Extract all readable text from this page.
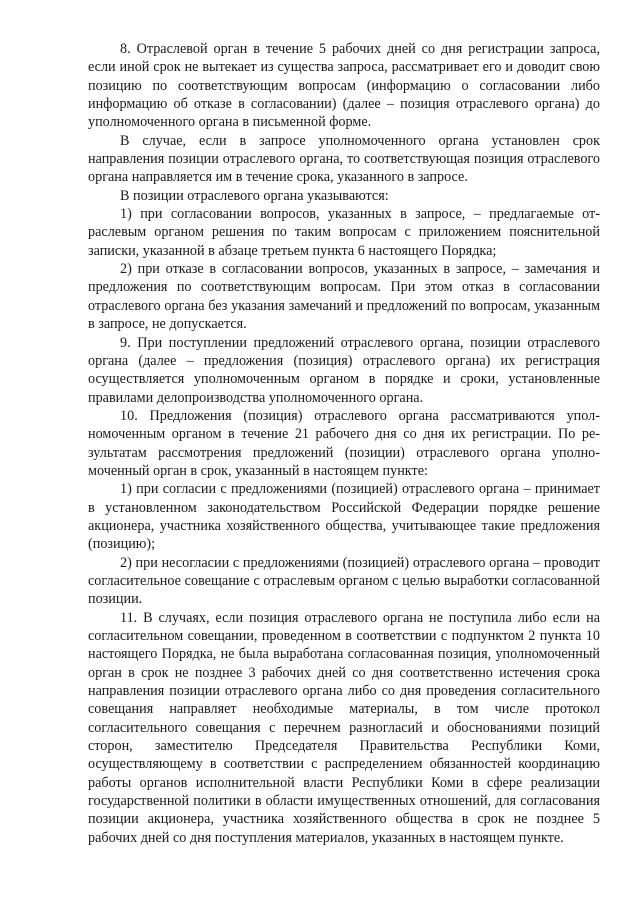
8. Отраслевой орган в течение 5 рабочих дней со дня регистрации запроса, если иной срок не вытекает из существа запроса, рассматривает его и доводит свою позицию по соответствующим вопросам (информацию о согласовании либо информацию об отказе в согласовании) (далее – позиция отраслевого органа) до уполномоченного органа в письменной форме.

В случае, если в запросе уполномоченного органа установлен срок направления позиции отраслевого органа, то соответствующая позиция отраслевого органа направляется им в течение срока, указанного в запросе.

В позиции отраслевого органа указываются:

1) при согласовании вопросов, указанных в запросе, – предлагаемые отраслевым органом решения по таким вопросам с приложением пояснительной записки, указанной в абзаце третьем пункта 6 настоящего Порядка;

2) при отказе в согласовании вопросов, указанных в запросе, – замечания и предложения по соответствующим вопросам. При этом отказ в согласовании отраслевого органа без указания замечаний и предложений по вопросам, указанным в запросе, не допускается.

9. При поступлении предложений отраслевого органа, позиции отраслевого органа (далее – предложения (позиция) отраслевого органа) их регистрация осуществляется уполномоченным органом в порядке и сроки, установленные правилами делопроизводства уполномоченного органа.

10. Предложения (позиция) отраслевого органа рассматриваются уполномоченным органом в течение 21 рабочего дня со дня их регистрации. По результатам рассмотрения предложений (позиции) отраслевого органа уполномоченный орган в срок, указанный в настоящем пункте:

1) при согласии с предложениями (позицией) отраслевого органа – принимает в установленном законодательством Российской Федерации порядке решение акционера, участника хозяйственного общества, учитывающее такие предложения (позицию);

2) при несогласии с предложениями (позицией) отраслевого органа – проводит согласительное совещание с отраслевым органом с целью выработки согласованной позиции.

11. В случаях, если позиция отраслевого органа не поступила либо если на согласительном совещании, проведенном в соответствии с подпунктом 2 пункта 10 настоящего Порядка, не была выработана согласованная позиция, уполномоченный орган в срок не позднее 3 рабочих дней со дня соответственно истечения срока направления позиции отраслевого органа либо со дня проведения согласительного совещания направляет необходимые материалы, в том числе протокол согласительного совещания с перечнем разногласий и обоснованиями позиций сторон, заместителю Председателя Правительства Республики Коми, осуществляющему в соответствии с распределением обязанностей координацию работы органов исполнительной власти Республики Коми в сфере реализации государственной политики в области имущественных отношений, для согласования позиции акционера, участника хозяйственного общества в срок не позднее 5 рабочих дней со дня поступления материалов, указанных в настоящем пункте.
